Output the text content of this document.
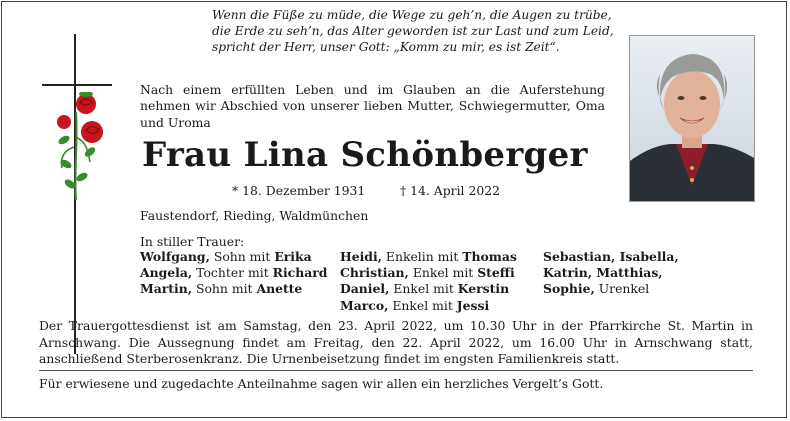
Wenn die Füße zu müde, die Wege zu geh’n, die Augen zu trübe,
die Erde zu seh’n, das Alter geworden ist zur Last und zum Leid,
spricht der Herr, unser Gott: „Komm zu mir, es ist Zeit“.
Nach einem erfüllten Leben und im Glauben an die Auferstehung nehmen wir Abschied von unserer lieben Mutter, Schwiegermutter, Oma und Uroma
Frau Lina Schönberger
* 18. Dezember 1931	† 14. April 2022
Faustendorf, Rieding, Waldmünchen
In stiller Trauer:
Wolfgang, Sohn mit Erika
Angela, Tochter mit Richard
Martin, Sohn mit Anette
Heidi, Enkelin mit Thomas
Christian, Enkel mit Steffi
Daniel, Enkel mit Kerstin
Marco, Enkel mit Jessi
Sebastian, Isabella,
Katrin, Matthias,
Sophie, Urenkel
Der Trauergottesdienst ist am Samstag, den 23. April 2022, um 10.30 Uhr in der Pfarrkirche St. Martin in Arnschwang. Die Aussegnung findet am Freitag, den 22. April 2022, um 16.00 Uhr in Arnschwang statt, anschließend Sterberosenkranz. Die Urnenbeisetzung findet im engsten Familienkreis statt.
Für erwiesene und zugedachte Anteilnahme sagen wir allen ein herzliches Vergelt’s Gott.
